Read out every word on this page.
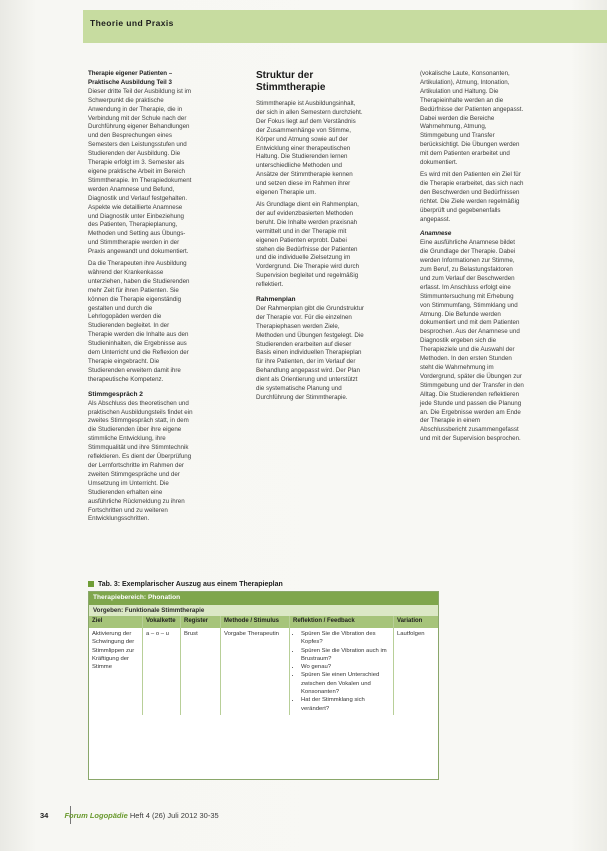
Theorie und Praxis

Therapie eigener Patienten –

Praktische Ausbildung Teil 3

Dieser dritte Teil der Ausbildung ist im Schwerpunkt die praktische Anwendung in der Therapie, die in Verbindung mit der Schule nach der Durchführung eigener Behandlungen und den Besprechungen eines Semesters den Leistungsstufen und Studierenden der Ausbildung. Die Therapie erfolgt im 3. Semester als eigene praktische Arbeit im Bereich Stimmtherapie. Im Therapiedokument werden Anamnese und Befund, Diagnostik und Verlauf festgehalten. Aspekte wie detaillierte Anamnese und Diagnostik unter Einbeziehung des Patienten, Therapieplanung, Methoden und Setting aus Übungs- und Stimmtherapie werden in der Praxis angewandt und dokumentiert.

Da die Therapeuten ihre Ausbildung während der Krankenkasse unterziehen, haben die Studierenden mehr Zeit für ihren Patienten. Sie können die Therapie eigenständig gestalten und durch die Lehrlogopäden werden die Studierenden begleitet. In der Therapie werden die Inhalte aus den Studieninhalten, die Ergebnisse aus dem Unterricht und die Reflexion der Therapie eingebracht. Die Studierenden erweitern damit ihre therapeutische Kompetenz.

Stimmgespräch 2

Als Abschluss des theoretischen und praktischen Ausbildungsteils findet ein zweites Stimmgespräch statt, in dem die Studierenden über ihre eigene stimmliche Entwicklung, ihre Stimmqualität und ihre Stimmtechnik reflektieren. Es dient der Überprüfung der Lernfortschritte im Rahmen der zweiten Stimmgespräche und der Umsetzung im Unterricht. Die Studierenden erhalten eine ausführliche Rückmeldung zu ihren Fortschritten und zu weiteren Entwicklungsschritten.

Struktur der Stimmtherapie

Stimmtherapie ist Ausbildungsinhalt, der sich in allen Semestern durchzieht. Der Fokus liegt auf dem Verständnis der Zusammenhänge von Stimme, Körper und Atmung sowie auf der Entwicklung einer therapeutischen Haltung. Die Studierenden lernen unterschiedliche Methoden und Ansätze der Stimmtherapie kennen und setzen diese im Rahmen ihrer eigenen Therapie um.

Als Grundlage dient ein Rahmenplan, der auf evidenzbasierten Methoden beruht. Die Inhalte werden praxisnah vermittelt und in der Therapie mit eigenen Patienten erprobt. Dabei stehen die Bedürfnisse der Patienten und die individuelle Zielsetzung im Vordergrund. Die Therapie wird durch Supervision begleitet und regelmäßig reflektiert.

Rahmenplan

Der Rahmenplan gibt die Grundstruktur der Therapie vor. Für die einzelnen Therapiephasen werden Ziele, Methoden und Übungen festgelegt. Die Studierenden erarbeiten auf dieser Basis einen individuellen Therapieplan für ihre Patienten, der im Verlauf der Behandlung angepasst wird. Der Plan dient als Orientierung und unterstützt die systematische Planung und Durchführung der Stimmtherapie.

(vokalische Laute, Konsonanten, Artikulation), Atmung, Intonation, Artikulation und Haltung. Die Therapieinhalte werden an die Bedürfnisse der Patienten angepasst. Dabei werden die Bereiche Wahrnehmung, Atmung, Stimmgebung und Transfer berücksichtigt. Die Übungen werden mit dem Patienten erarbeitet und dokumentiert.

Es wird mit den Patienten ein Ziel für die Therapie erarbeitet, das sich nach den Beschwerden und Bedürfnissen richtet. Die Ziele werden regelmäßig überprüft und gegebenenfalls angepasst.

Anamnese

Eine ausführliche Anamnese bildet die Grundlage der Therapie. Dabei werden Informationen zur Stimme, zum Beruf, zu Belastungsfaktoren und zum Verlauf der Beschwerden erfasst. Im Anschluss erfolgt eine Stimmuntersuchung mit Erhebung von Stimmumfang, Stimmklang und Atmung. Die Befunde werden dokumentiert und mit dem Patienten besprochen. Aus der Anamnese und Diagnostik ergeben sich die Therapieziele und die Auswahl der Methoden. In den ersten Stunden steht die Wahrnehmung im Vordergrund, später die Übungen zur Stimmgebung und der Transfer in den Alltag. Die Studierenden reflektieren jede Stunde und passen die Planung an. Die Ergebnisse werden am Ende der Therapie in einem Abschlussbericht zusammengefasst und mit der Supervision besprochen.

Tab. 3: Exemplarischer Auszug aus einem Therapieplan
Therapiebereich: Phonation
Vorgeben: Funktionale Stimmtherapie
Ziel	Vokalkette	Register	Methode / Stimulus	Reflektion / Feedback	Variation
Aktivierung der Schwingung der Stimmlippen zur Kräftigung der Stimme
a – o – u	Brust	Vorgabe Therapeutin
•	Spüren Sie die Vibration des Kopfes?
• Spüren Sie die Vibration auch im Brustraum?
• Wo genau?
• Spüren Sie einen Unterschied zwischen den Vokalen und Konsonanten?
• Hat der Stimmklang sich verändert?
Lautfolgen
34 Forum Logopädie Heft 4 (26) Juli 2012 30-35
